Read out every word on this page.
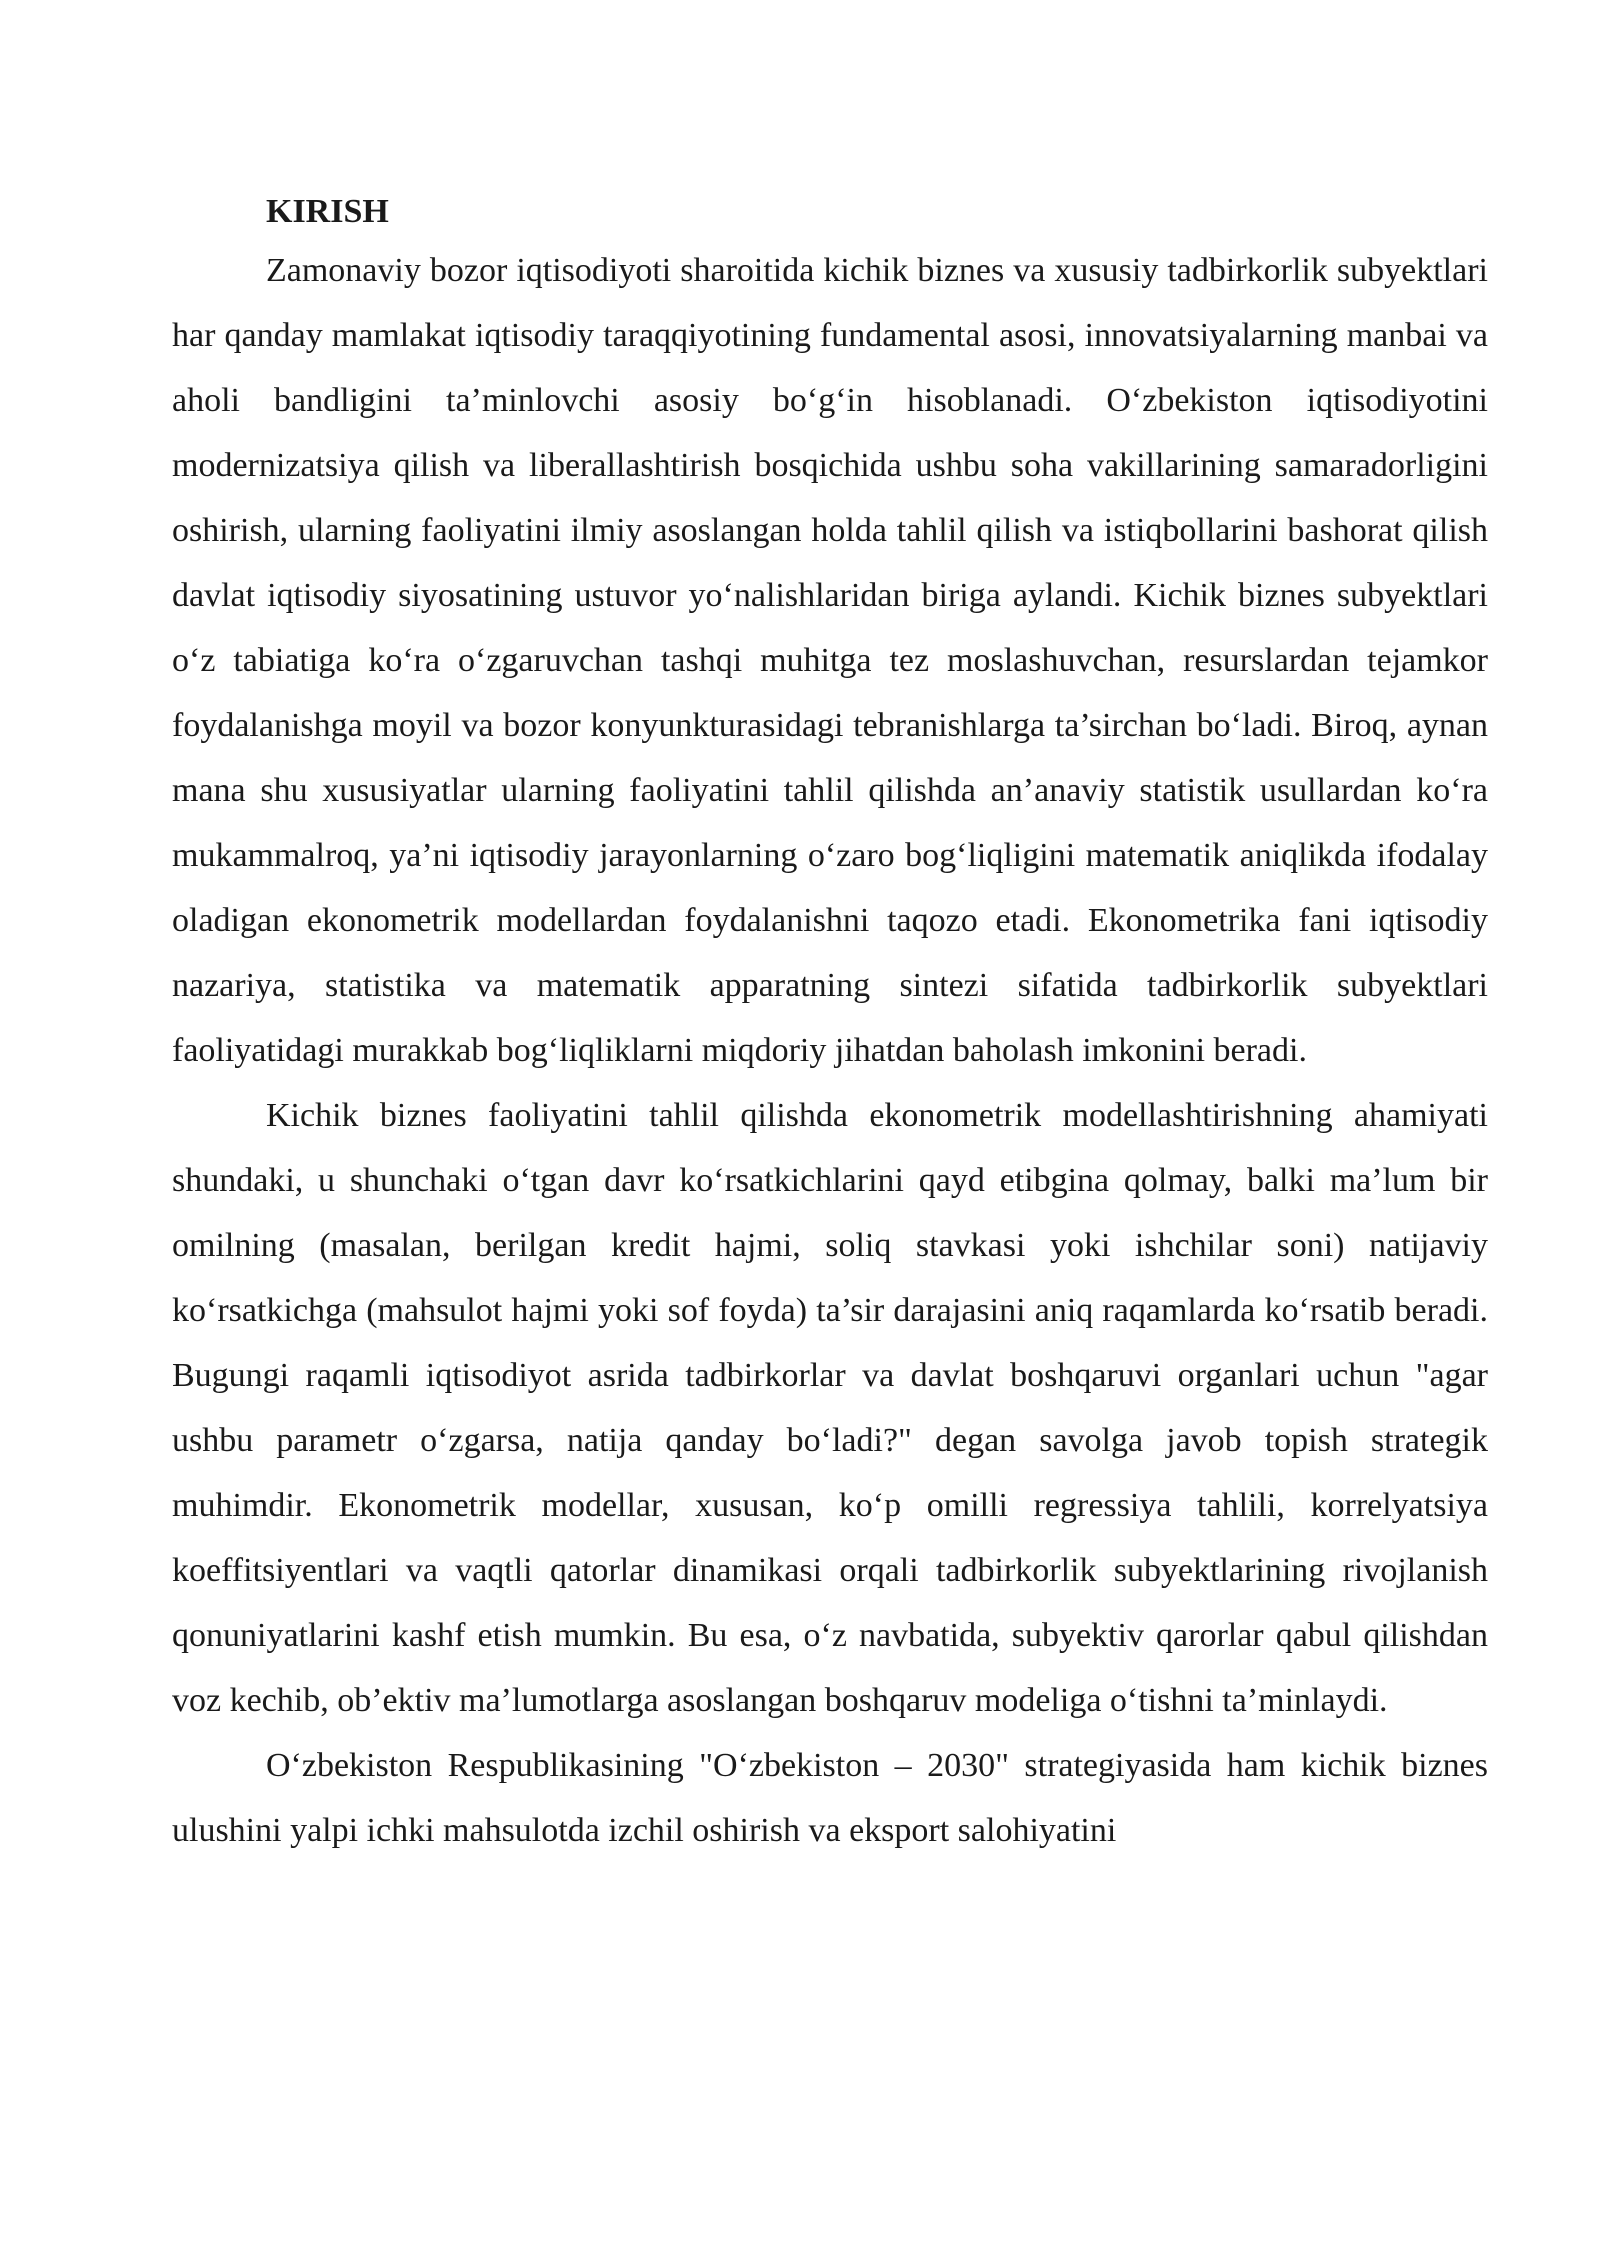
KIRISH

Zamonaviy bozor iqtisodiyoti sharoitida kichik biznes va xususiy tadbirkorlik subyektlari har qanday mamlakat iqtisodiy taraqqiyotining fundamental asosi, innovatsiyalarning manbai va aholi bandligini ta’minlovchi asosiy bo‘g‘in hisoblanadi. O‘zbekiston iqtisodiyotini modernizatsiya qilish va liberallashtirish bosqichida ushbu soha vakillarining samaradorligini oshirish, ularning faoliyatini ilmiy asoslangan holda tahlil qilish va istiqbollarini bashorat qilish davlat iqtisodiy siyosatining ustuvor yo‘nalishlaridan biriga aylandi. Kichik biznes subyektlari o‘z tabiatiga ko‘ra o‘zgaruvchan tashqi muhitga tez moslashuvchan, resurslardan tejamkor foydalanishga moyil va bozor konyunkturasidagi tebranishlarga ta’sirchan bo‘ladi. Biroq, aynan mana shu xususiyatlar ularning faoliyatini tahlil qilishda an’anaviy statistik usullardan ko‘ra mukammalroq, ya’ni iqtisodiy jarayonlarning o‘zaro bog‘liqligini matematik aniqlikda ifodalay oladigan ekonometrik modellardan foydalanishni taqozo etadi. Ekonometrika fani iqtisodiy nazariya, statistika va matematik apparatning sintezi sifatida tadbirkorlik subyektlari faoliyatidagi murakkab bog‘liqliklarni miqdoriy jihatdan baholash imkonini beradi.

Kichik biznes faoliyatini tahlil qilishda ekonometrik modellashtirishning ahamiyati shundaki, u shunchaki o‘tgan davr ko‘rsatkichlarini qayd etibgina qolmay, balki ma’lum bir omilning (masalan, berilgan kredit hajmi, soliq stavkasi yoki ishchilar soni) natijaviy ko‘rsatkichga (mahsulot hajmi yoki sof foyda) ta’sir darajasini aniq raqamlarda ko‘rsatib beradi. Bugungi raqamli iqtisodiyot asrida tadbirkorlar va davlat boshqaruvi organlari uchun "agar ushbu parametr o‘zgarsa, natija qanday bo‘ladi?" degan savolga javob topish strategik muhimdir. Ekonometrik modellar, xususan, ko‘p omilli regressiya tahlili, korrelyatsiya koeffitsiyentlari va vaqtli qatorlar dinamikasi orqali tadbirkorlik subyektlarining rivojlanish qonuniyatlarini kashf etish mumkin. Bu esa, o‘z navbatida, subyektiv qarorlar qabul qilishdan voz kechib, ob’ektiv ma’lumotlarga asoslangan boshqaruv modeliga o‘tishni ta’minlaydi.

O‘zbekiston Respublikasining "O‘zbekiston – 2030" strategiyasida ham kichik biznes ulushini yalpi ichki mahsulotda izchil oshirish va eksport salohiyatini
